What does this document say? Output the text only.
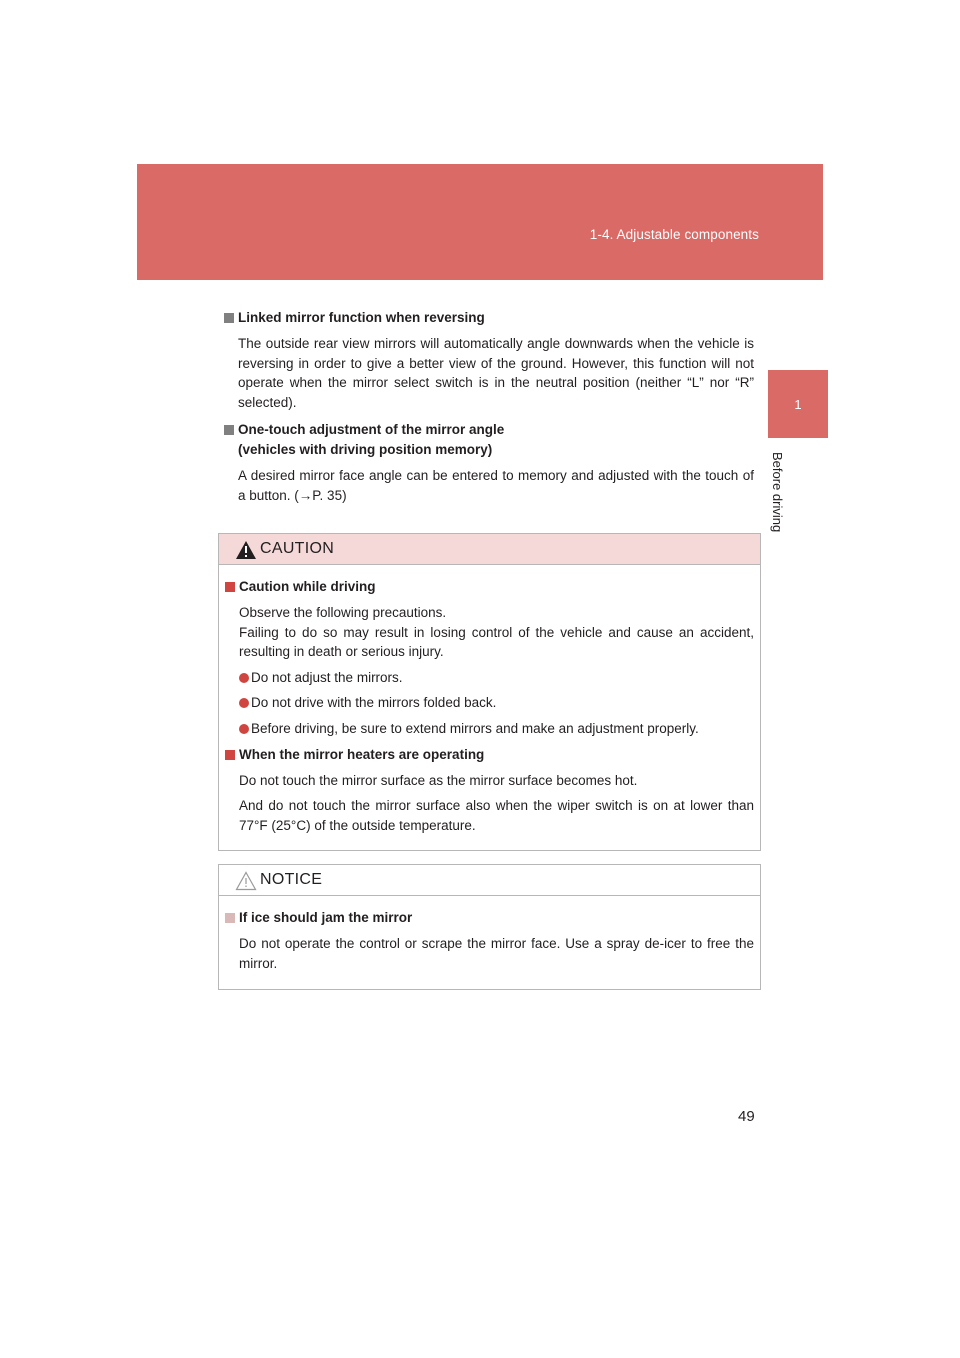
1-4. Adjustable components
1
Before driving
Linked mirror function when reversing

The outside rear view mirrors will automatically angle downwards when the vehicle is reversing in order to give a better view of the ground. However, this function will not operate when the mirror select switch is in the neutral position (neither “L” nor “R” selected).

One-touch adjustment of the mirror angle
(vehicles with driving position memory)

A desired mirror face angle can be entered to memory and adjusted with the touch of a button. (→P. 35)

CAUTION
Caution while driving

Observe the following precautions.

Failing to do so may result in losing control of the vehicle and cause an accident, resulting in death or serious injury.

Do not adjust the mirrors.
Do not drive with the mirrors folded back.
Before driving, be sure to extend mirrors and make an adjustment properly.
When the mirror heaters are operating

Do not touch the mirror surface as the mirror surface becomes hot.

And do not touch the mirror surface also when the wiper switch is on at lower than 77°F (25°C) of the outside temperature.

NOTICE
If ice should jam the mirror

Do not operate the control or scrape the mirror face. Use a spray de-icer to free the mirror.

49
